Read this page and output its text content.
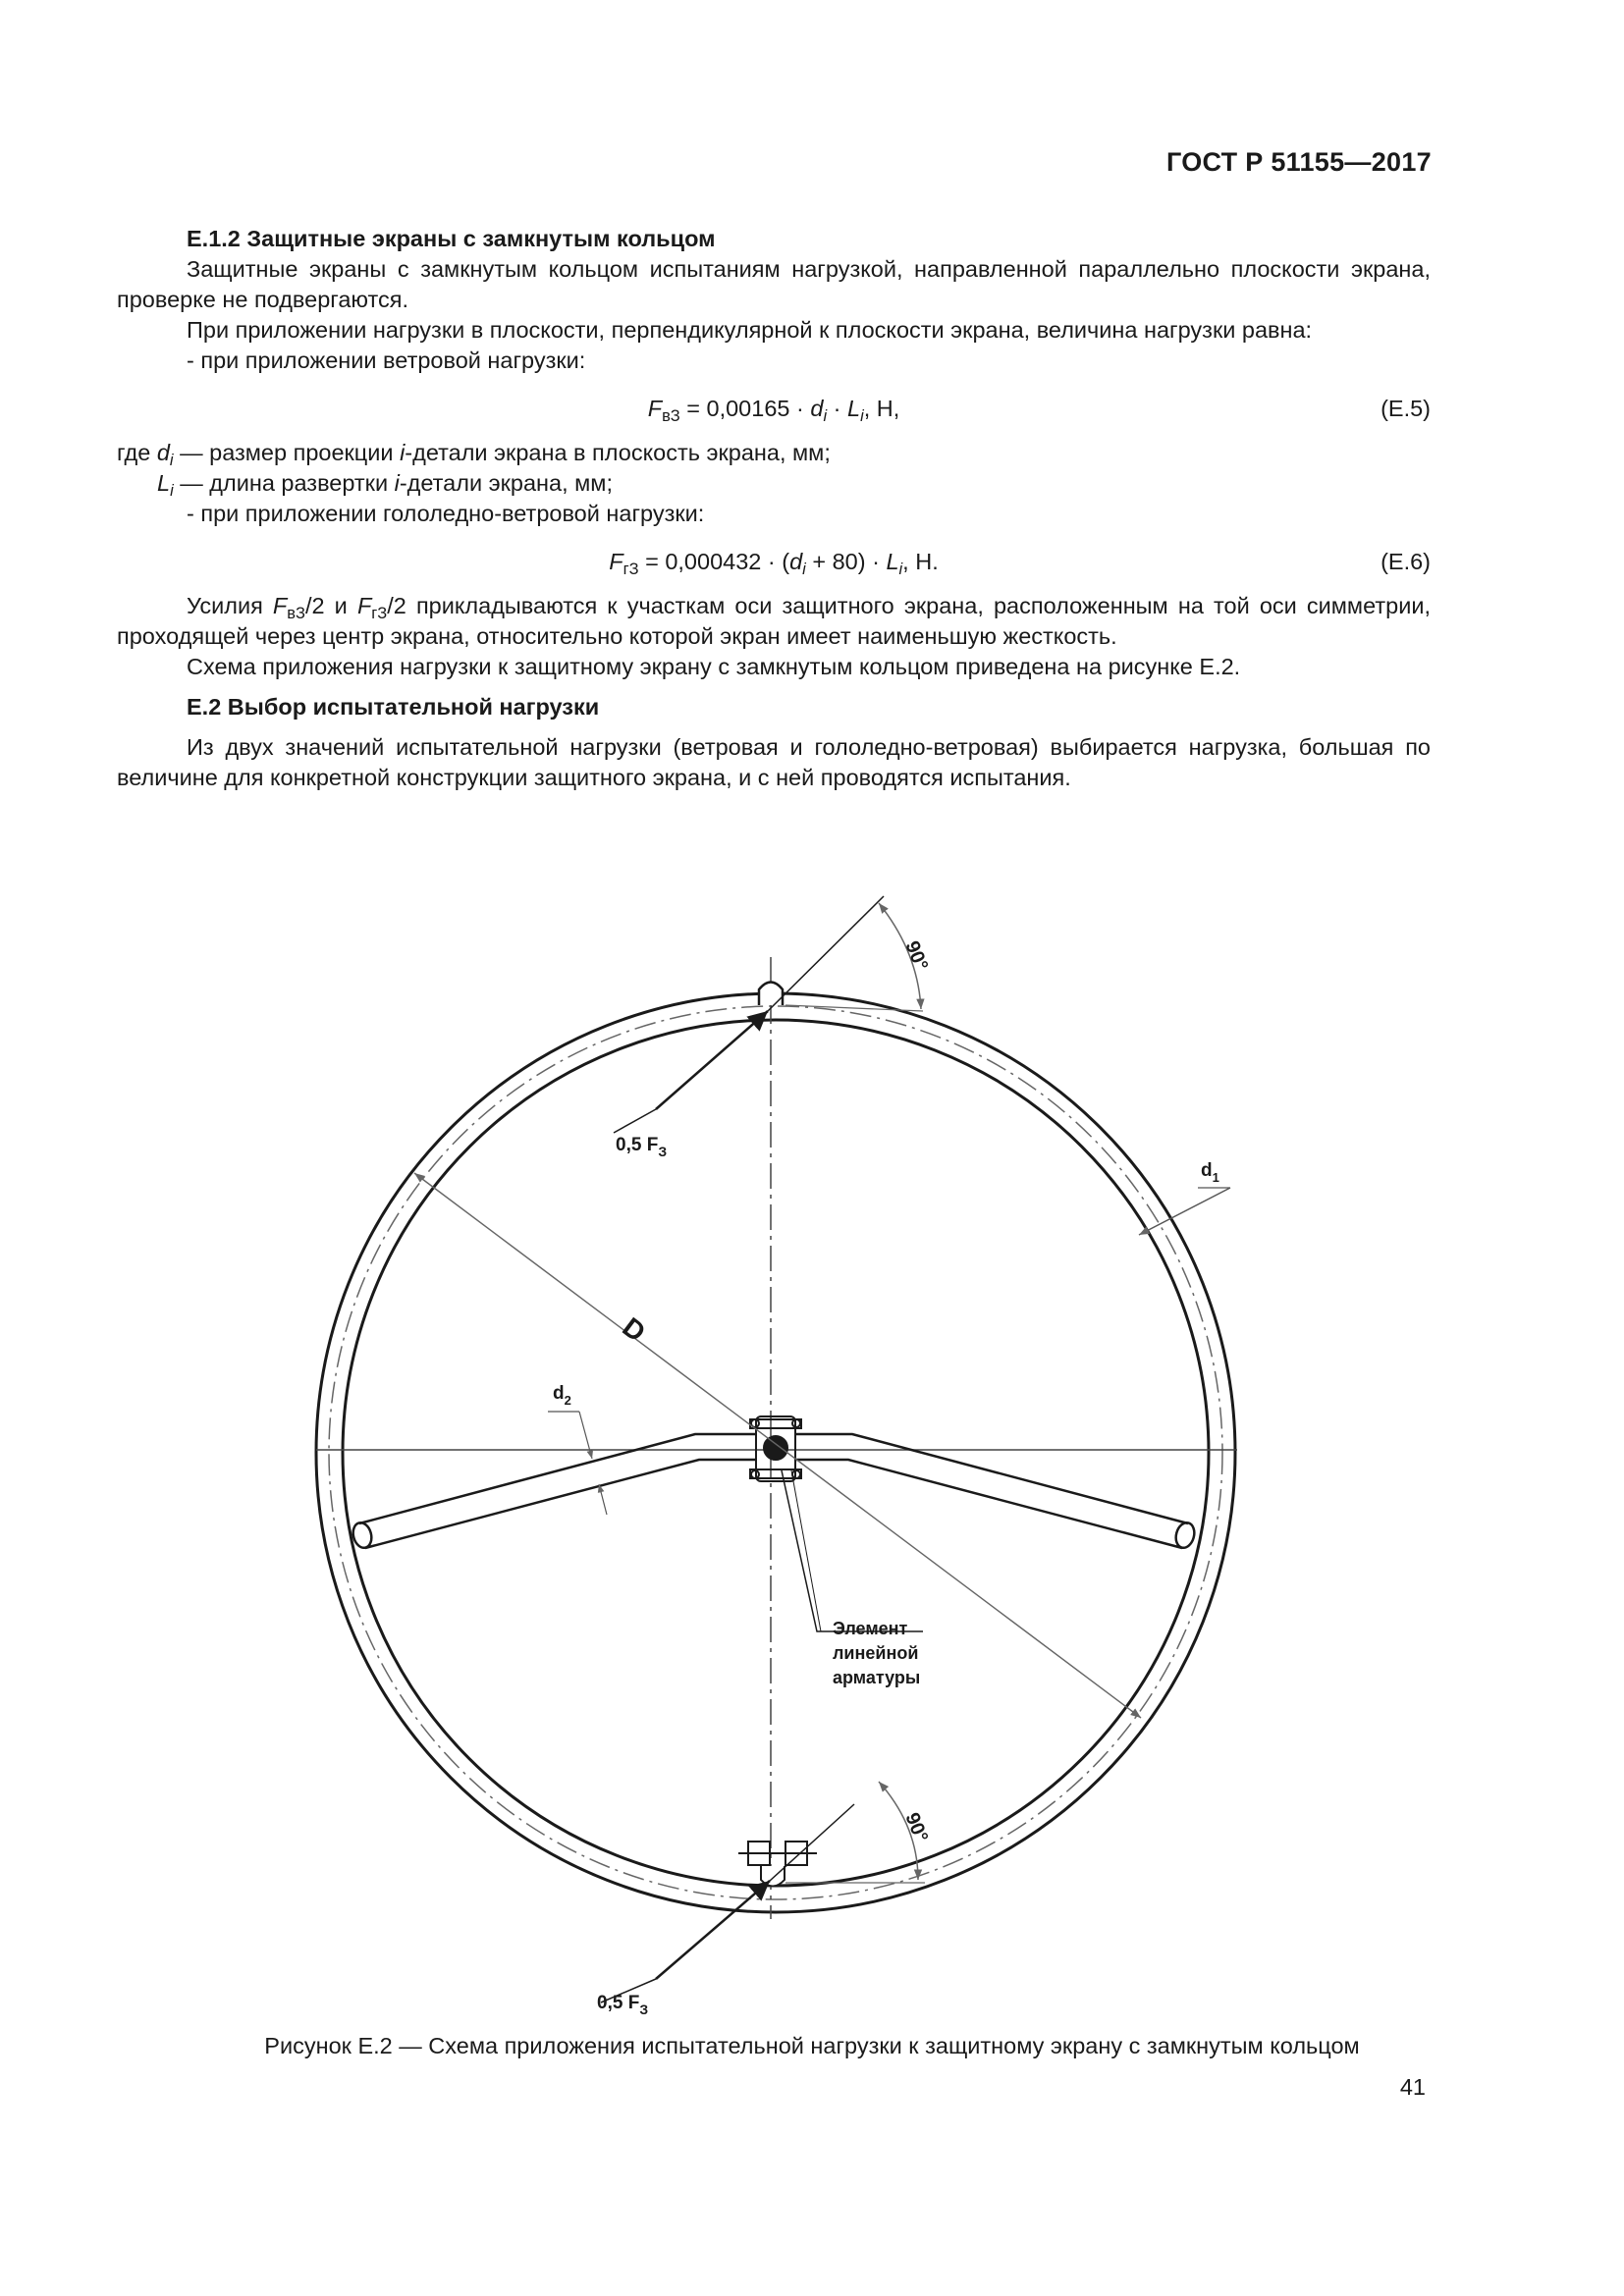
ГОСТ Р 51155—2017

Е.1.2 Защитные экраны с замкнутым кольцом

Защитные экраны с замкнутым кольцом испытаниям нагрузкой, направленной параллельно плоскости экрана, проверке не подвергаются.

При приложении нагрузки в плоскости, перпендикулярной к плоскости экрана, величина нагрузки равна:

- при приложении ветровой нагрузки:

$F_{вЗ} = 0,00165 \cdot d_i \cdot L_i$, Н,	(Е.5)

где $d_i$ — размер проекции i-детали экрана в плоскость экрана, мм;

$L_i$ — длина развертки i-детали экрана, мм;

- при приложении гололедно-ветровой нагрузки:

$F_{гЗ} = 0,000432 \cdot (d_i + 80) \cdot L_i$, Н.	(Е.6)

Усилия $F_{вЗ}/2$ и $F_{гЗ}/2$ прикладываются к участкам оси защитного экрана, расположенным на той оси симметрии, проходящей через центр экрана, относительно которой экран имеет наименьшую жесткость.

Схема приложения нагрузки к защитному экрану с замкнутым кольцом приведена на рисунке Е.2.

Е.2 Выбор испытательной нагрузки

Из двух значений испытательной нагрузки (ветровая и гололедно-ветровая) выбирается нагрузка, большая по величине для конкретной конструкции защитного экрана, и с ней проводятся испытания.

90°
90°
0,5 $F_З$
0,5 $F_З$
$d_1$
$d_2$
D
Элемент
линейной
арматуры
Рисунок Е.2 — Схема приложения испытательной нагрузки к защитному экрану с замкнутым кольцом
41
